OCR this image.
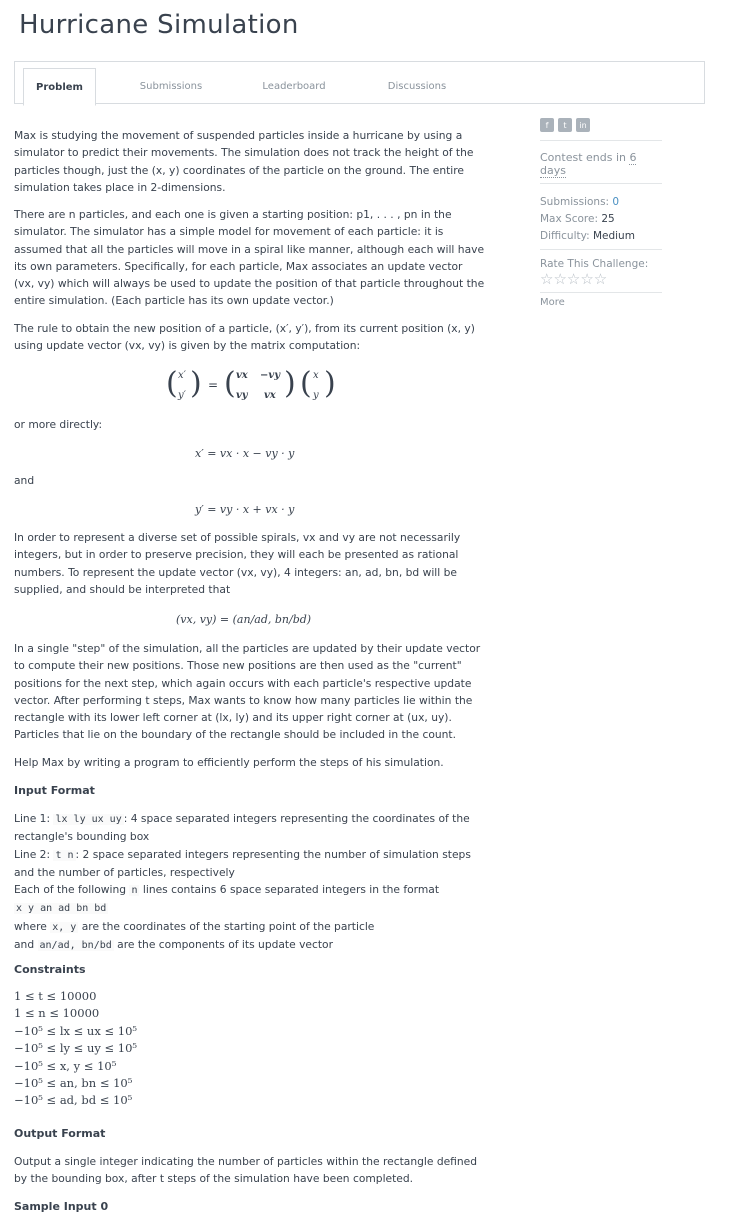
Hurricane Simulation
Problem	Submissions	Leaderboard	Discussions

Max is studying the movement of suspended particles inside a hurricane by using a simulator to predict their movements. The simulation does not track the height of the particles though, just the (x, y) coordinates of the particle on the ground. The entire simulation takes place in 2-dimensions.

There are n particles, and each one is given a starting position: p1, . . . , pn in the simulator. The simulator has a simple model for movement of each particle: it is assumed that all the particles will move in a spiral like manner, although each will have its own parameters. Specifically, for each particle, Max associates an update vector (vx, vy) which will always be used to update the position of that particle throughout the entire simulation. (Each particle has its own update vector.)

The rule to obtain the new position of a particle, (x′, y′), from its current position (x, y) using update vector (vx, vy) is given by the matrix computation:

( x′
y′ ) = ( vx −vy
vy vx ) ( x
y )

or more directly:

x′ = vx · x − vy · y

and

y′ = vy · x + vx · y

In order to represent a diverse set of possible spirals, vx and vy are not necessarily integers, but in order to preserve precision, they will each be presented as rational numbers. To represent the update vector (vx, vy), 4 integers: an, ad, bn, bd will be supplied, and should be interpreted that

(vx, vy) = (an/ad, bn/bd)

In a single "step" of the simulation, all the particles are updated by their update vector to compute their new positions. Those new positions are then used as the "current" positions for the next step, which again occurs with each particle's respective update vector. After performing t steps, Max wants to know how many particles lie within the rectangle with its lower left corner at (lx, ly) and its upper right corner at (ux, uy). Particles that lie on the boundary of the rectangle should be included in the count.

Help Max by writing a program to efficiently perform the steps of his simulation.

Input Format

Line 1: lx ly ux uy : 4 space separated integers representing the coordinates of the rectangle's bounding box
Line 2: t n : 2 space separated integers representing the number of simulation steps and the number of particles, respectively
Each of the following n lines contains 6 space separated integers in the format
x y an ad bn bd
where x, y are the coordinates of the starting point of the particle
and an/ad, bn/bd are the components of its update vector

Constraints

1 ≤ t ≤ 10000
1 ≤ n ≤ 10000
−10⁵ ≤ lx ≤ ux ≤ 10⁵
−10⁵ ≤ ly ≤ uy ≤ 10⁵
−10⁵ ≤ x, y ≤ 10⁵
−10⁵ ≤ an, bn ≤ 10⁵
−10⁵ ≤ ad, bd ≤ 10⁵

Output Format

Output a single integer indicating the number of particles within the rectangle defined by the bounding box, after t steps of the simulation have been completed.

Sample Input 0

f	t	in
Contest ends in 6 days
Submissions: 0
Max Score: 25
Difficulty: Medium
Rate This Challenge:
☆☆☆☆☆
More
